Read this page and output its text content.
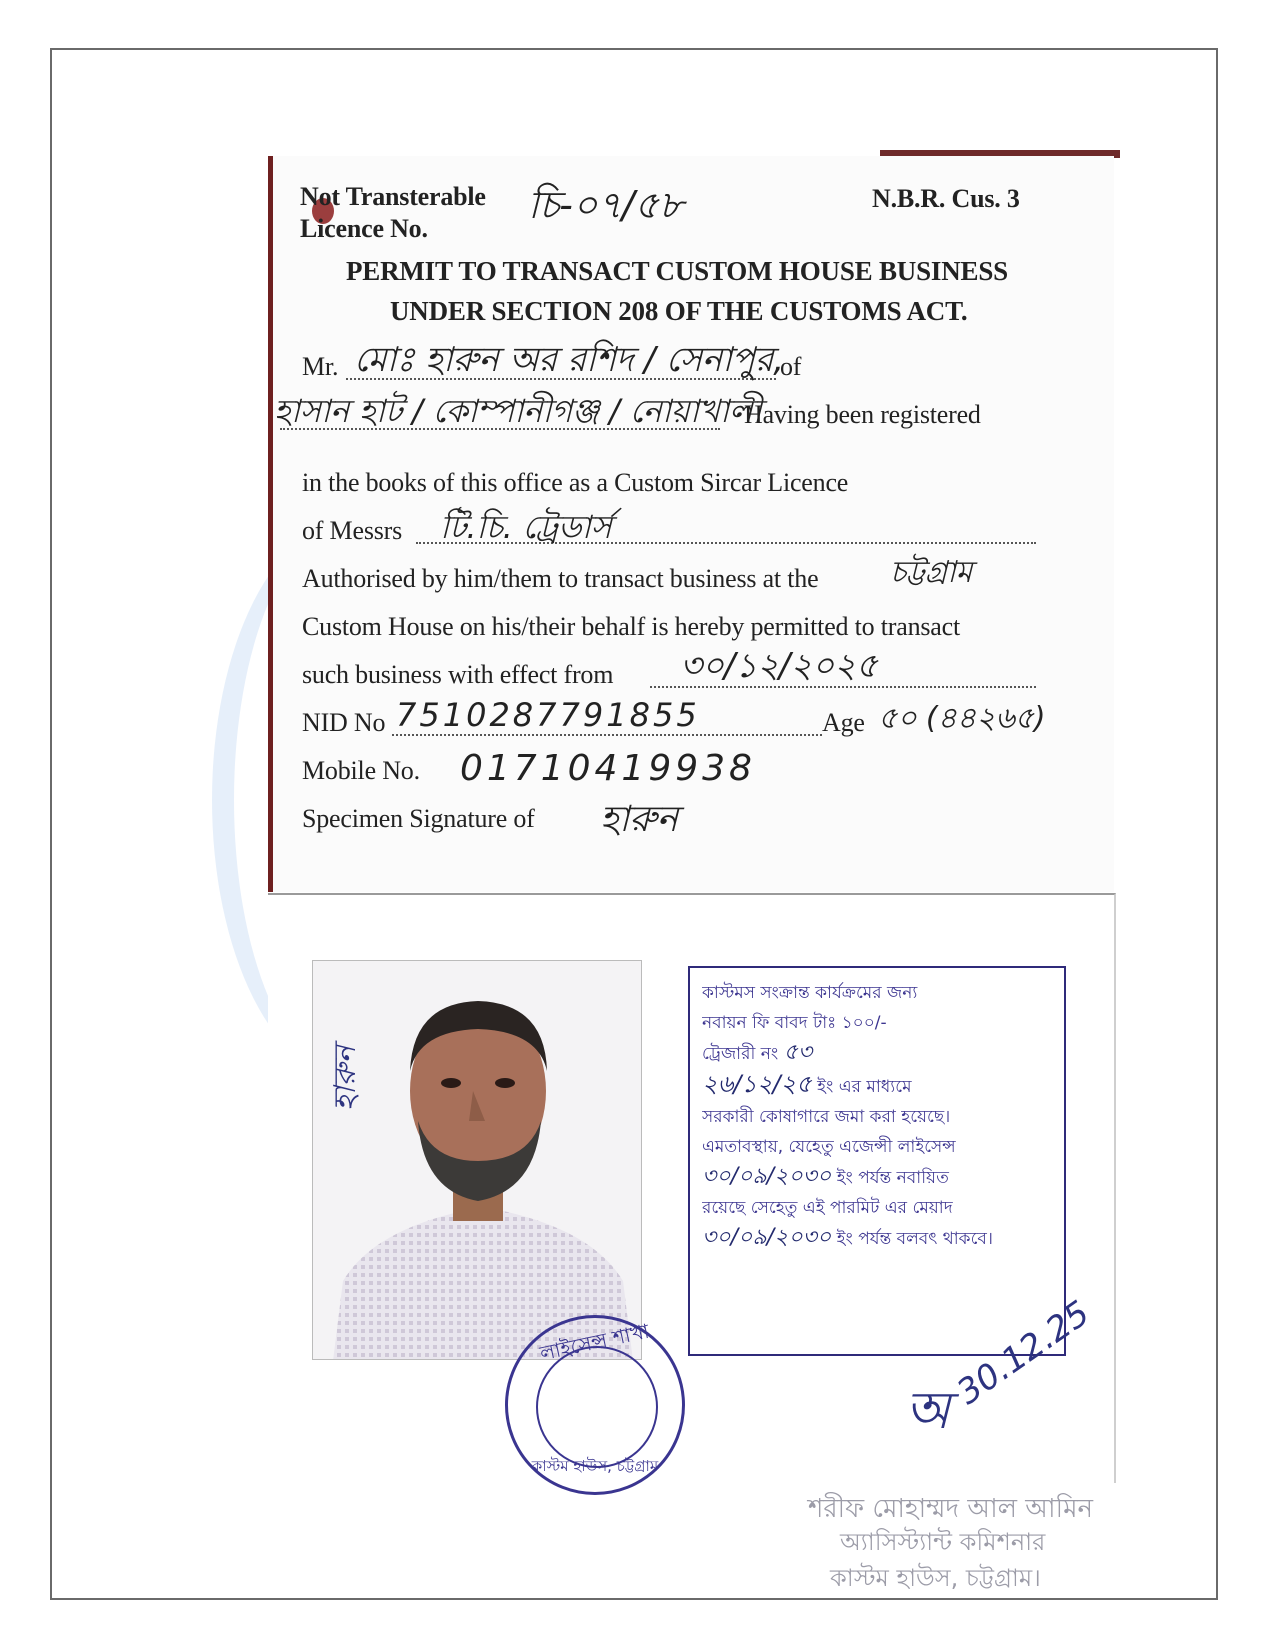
Not Transterable
Licence No.
চি-০৭/৫৮	N.B.R. Cus. 3
PERMIT TO TRANSACT CUSTOM HOUSE BUSINESS
UNDER SECTION 208 OF THE CUSTOMS ACT.
Mr. মোঃ হারুন অর রশিদ / সেনাপুর,
of
হাসান হাট / কোম্পানীগঞ্জ / নোয়াখালী
Having been registered
in the books of this office as a Custom Sircar Licence
of Messrs টি.চি. ট্রেডার্স
Authorised by him/them to transact business at the চট্টগ্রাম
Custom House on his/their behalf is hereby permitted to transact
such business with effect from ৩০/১২/২০২৫
NID No 7510287791855	Age ৫০ (৪৪২৬৫)
Mobile No. 01710419938
Specimen Signature of হারুন
হারুন
কাস্টমস সংক্রান্ত কার্যক্রমের জন্য
নবায়ন ফি বাবদ টাঃ ১০০/-
ট্রেজারী নং ৫৩
২৬/১২/২৫ ইং এর মাধ্যমে
সরকারী কোষাগারে জমা করা হয়েছে।
এমতাবস্থায়, যেহেতু এজেন্সী লাইসেন্স
৩০/০৯/২০৩০ ইং পর্যন্ত নবায়িত
রয়েছে সেহেতু এই পারমিট এর মেয়াদ
৩০/০৯/২০৩০ ইং পর্যন্ত বলবৎ থাকবে।
লাইসেন্স শাখা
কাস্টম হাউস, চট্টগ্রাম
অ 30.12.25
শরীফ মোহাম্মদ আল আমিন
অ্যাসিস্ট্যান্ট কমিশনার
কাস্টম হাউস, চট্টগ্রাম।
